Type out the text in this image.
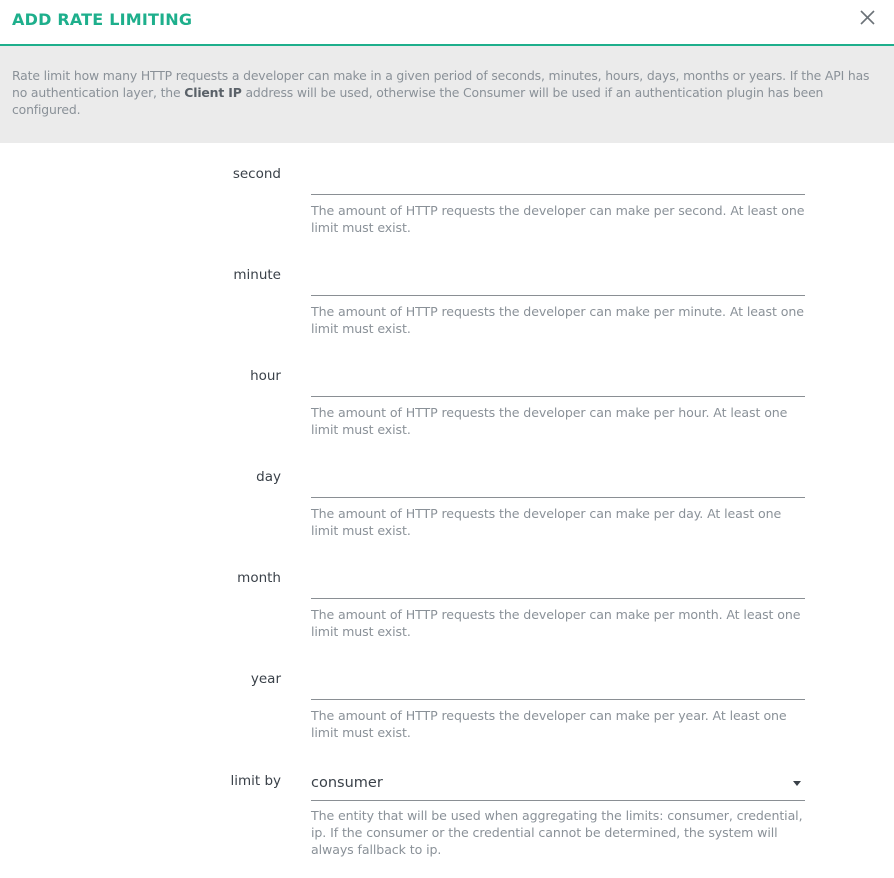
ADD RATE LIMITING
Rate limit how many HTTP requests a developer can make in a given period of seconds, minutes, hours, days, months or years. If the API has no authentication layer, the Client IP address will be used, otherwise the Consumer will be used if an authentication plugin has been configured.
second
The amount of HTTP requests the developer can make per second. At least one limit must exist.
minute
The amount of HTTP requests the developer can make per minute. At least one limit must exist.
hour
The amount of HTTP requests the developer can make per hour. At least one limit must exist.
day
The amount of HTTP requests the developer can make per day. At least one limit must exist.
month
The amount of HTTP requests the developer can make per month. At least one limit must exist.
year
The amount of HTTP requests the developer can make per year. At least one limit must exist.
limit by consumer
The entity that will be used when aggregating the limits: consumer, credential, ip. If the consumer or the credential cannot be determined, the system will always fallback to ip.
